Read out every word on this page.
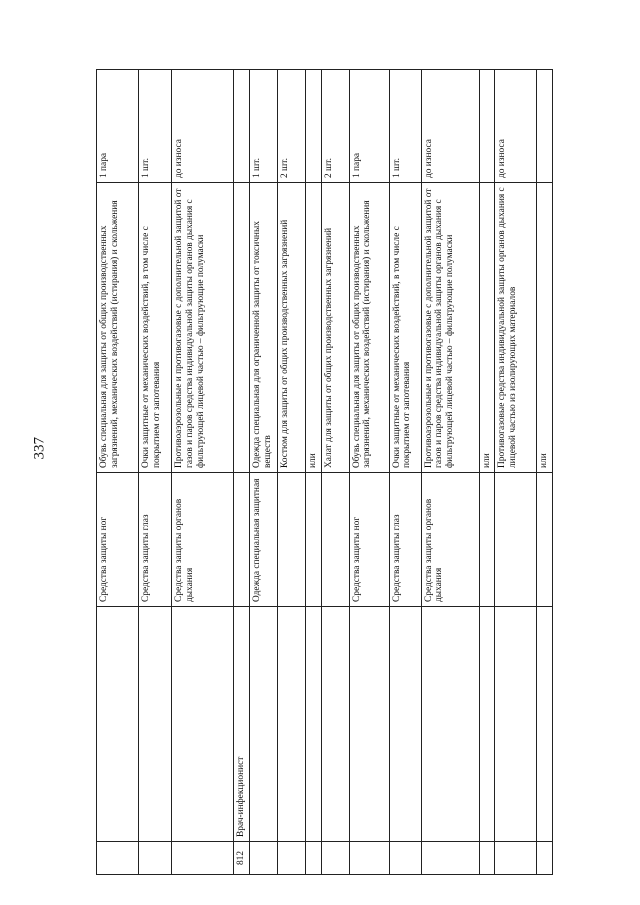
337
		Средства защиты ног	Обувь специальная для защиты от общих производственных загрязнений, механических воздействий (истирания) и скольжения	1 пара
		Средства защиты глаз	Очки защитные от механических воздействий, в том числе с покрытием от запотевания	1 шт.
		Средства защиты органов дыхания	Противоаэрозольные и противогазовые с дополнительной защитой от газов и паров средства индивидуальной защиты органов дыхания с фильтрующей лицевой частью – фильтрующие полумаски	до износа
812	Врач-инфекционист			
		Одежда специальная защитная	Одежда специальная для ограниченной защиты от токсичных веществ	1 шт.
			Костюм для защиты от общих производственных загрязнений	2 шт.
			или	
			Халат для защиты от общих производственных загрязнений	2 шт.
		Средства защиты ног	Обувь специальная для защиты от общих производственных загрязнений, механических воздействий (истирания) и скольжения	1 пара
		Средства защиты глаз	Очки защитные от механических воздействий, в том числе с покрытием от запотевания	1 шт.
		Средства защиты органов дыхания	Противоаэрозольные и противогазовые с дополнительной защитой от газов и паров средства индивидуальной защиты органов дыхания с фильтрующей лицевой частью – фильтрующие полумаски	до износа
			или	
			Противогазовые средства индивидуальной защиты органов дыхания с лицевой частью из изолирующих материалов	до износа
			или	
